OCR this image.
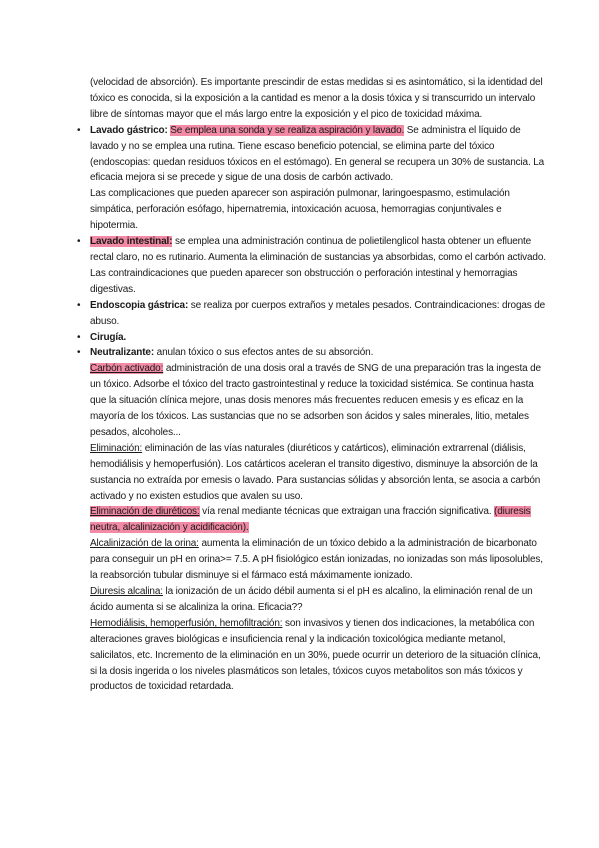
(velocidad de absorción). Es importante prescindir de estas medidas si es asintomático, si la identidad del tóxico es conocida, si la exposición a la cantidad es menor a la dosis tóxica y si transcurrido un intervalo libre de síntomas mayor que el más largo entre la exposición y el pico de toxicidad máxima.

• Lavado gástrico: Se emplea una sonda y se realiza aspiración y lavado. Se administra el líquido de lavado y no se emplea una rutina. Tiene escaso beneficio potencial, se elimina parte del tóxico (endoscopias: quedan residuos tóxicos en el estómago). En general se recupera un 30% de sustancia. La eficacia mejora si se precede y sigue de una dosis de carbón activado.

Las complicaciones que pueden aparecer son aspiración pulmonar, laringoespasmo, estimulación simpática, perforación esófago, hipernatremia, intoxicación acuosa, hemorragias conjuntivales e hipotermia.

• Lavado intestinal: se emplea una administración continua de polietilenglicol hasta obtener un efluente rectal claro, no es rutinario. Aumenta la eliminación de sustancias ya absorbidas, como el carbón activado. Las contraindicaciones que pueden aparecer son obstrucción o perforación intestinal y hemorragias digestivas.

• Endoscopia gástrica: se realiza por cuerpos extraños y metales pesados. Contraindicaciones: drogas de abuso.

• Cirugía.

• Neutralizante: anulan tóxico o sus efectos antes de su absorción.

Carbón activado: administración de una dosis oral a través de SNG de una preparación tras la ingesta de un tóxico. Adsorbe el tóxico del tracto gastrointestinal y reduce la toxicidad sistémica. Se continua hasta que la situación clínica mejore, unas dosis menores más frecuentes reducen emesis y es eficaz en la mayoría de los tóxicos. Las sustancias que no se adsorben son ácidos y sales minerales, litio, metales pesados, alcoholes...

Eliminación: eliminación de las vías naturales (diuréticos y catárticos), eliminación extrarrenal (diálisis, hemodiálisis y hemoperfusión). Los catárticos aceleran el transito digestivo, disminuye la absorción de la sustancia no extraída por emesis o lavado. Para sustancias sólidas y absorción lenta, se asocia a carbón activado y no existen estudios que avalen su uso.

Eliminación de diuréticos: vía renal mediante técnicas que extraigan una fracción significativa. (diuresis neutra, alcalinización y acidificación).

Alcalinización de la orina: aumenta la eliminación de un tóxico debido a la administración de bicarbonato para conseguir un pH en orina>= 7.5. A pH fisiológico están ionizadas, no ionizadas son más liposolubles, la reabsorción tubular disminuye si el fármaco está máximamente ionizado.

Diuresis alcalina: la ionización de un ácido débil aumenta si el pH es alcalino, la eliminación renal de un ácido aumenta si se alcaliniza la orina. Eficacia??

Hemodiálisis, hemoperfusión, hemofiltración: son invasivos y tienen dos indicaciones, la metabólica con alteraciones graves biológicas e insuficiencia renal y la indicación toxicológica mediante metanol, salicilatos, etc. Incremento de la eliminación en un 30%, puede ocurrir un deterioro de la situación clínica, si la dosis ingerida o los niveles plasmáticos son letales, tóxicos cuyos metabolitos son más tóxicos y productos de toxicidad retardada.
